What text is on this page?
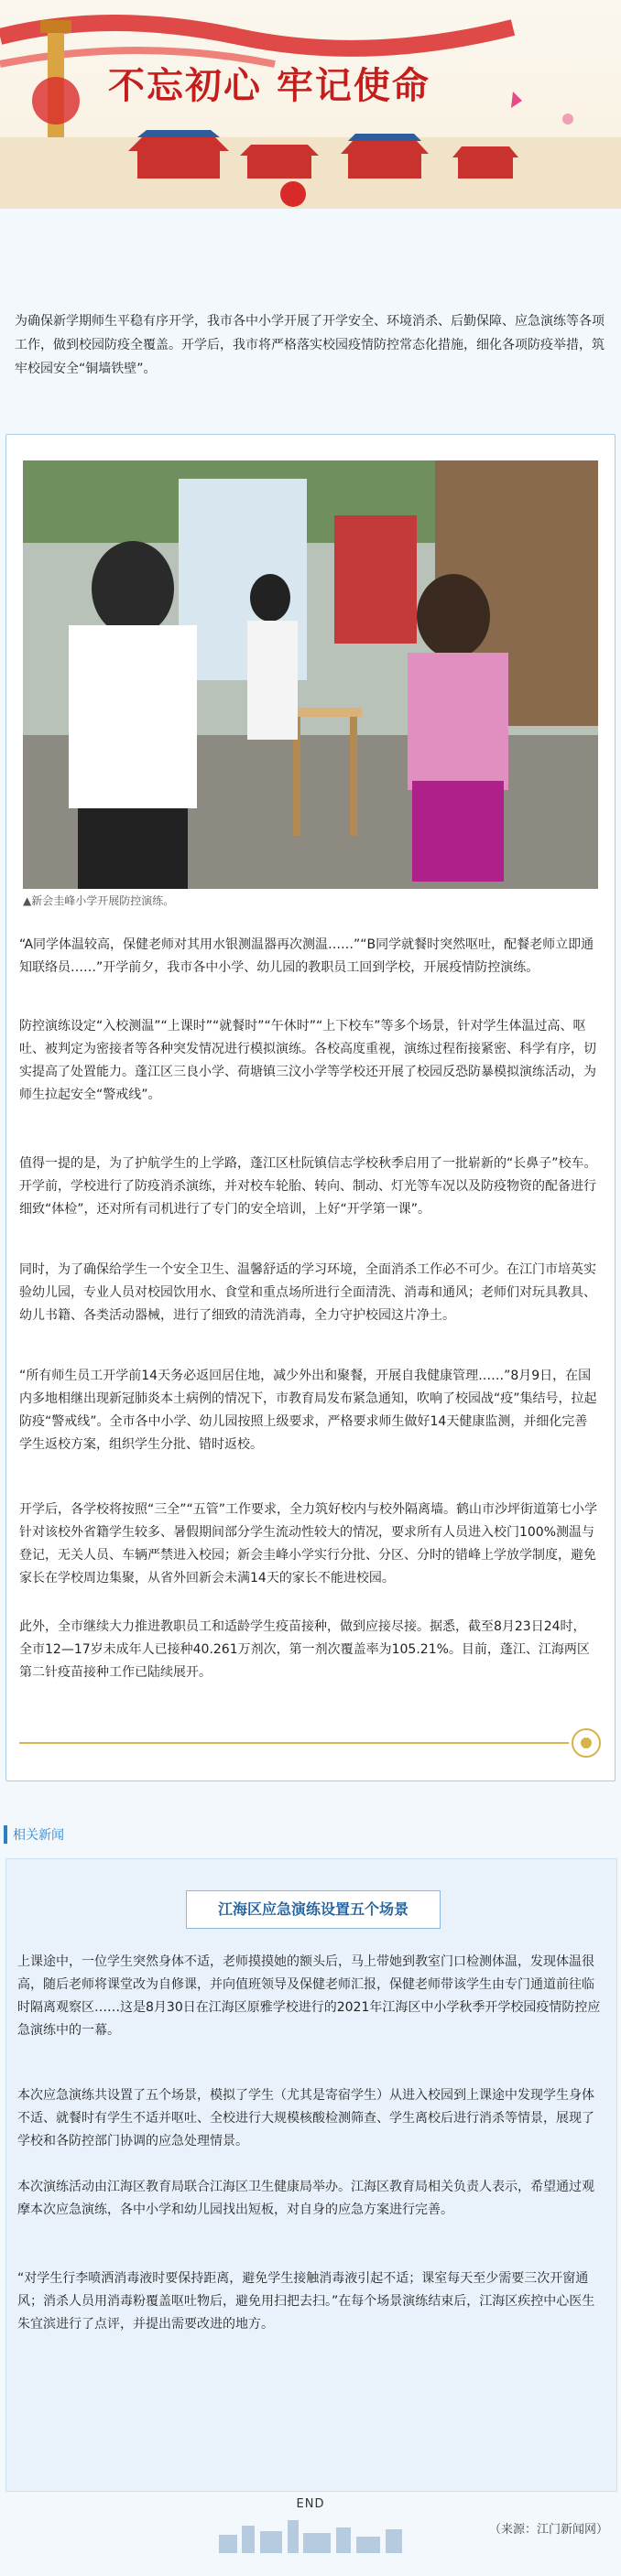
不忘初心 牢记使命
为确保新学期师生平稳有序开学，我市各中小学开展了开学安全、环境消杀、后勤保障、应急演练等各项工作，做到校园防疫全覆盖。开学后，我市将严格落实校园疫情防控常态化措施，细化各项防疫举措，筑牢校园安全“铜墙铁壁”。
▲新会圭峰小学开展防控演练。

“A同学体温较高，保健老师对其用水银测温器再次测温……”“B同学就餐时突然呕吐，配餐老师立即通知联络员……”开学前夕，我市各中小学、幼儿园的教职员工回到学校，开展疫情防控演练。

防控演练设定“入校测温”“上课时”“就餐时”“午休时”“上下校车”等多个场景，针对学生体温过高、呕吐、被判定为密接者等各种突发情况进行模拟演练。各校高度重视，演练过程衔接紧密、科学有序，切实提高了处置能力。蓬江区三良小学、荷塘镇三汶小学等学校还开展了校园反恐防暴模拟演练活动，为师生拉起安全“警戒线”。

值得一提的是，为了护航学生的上学路，蓬江区杜阮镇信志学校秋季启用了一批崭新的“长鼻子”校车。开学前，学校进行了防疫消杀演练，并对校车轮胎、转向、制动、灯光等车况以及防疫物资的配备进行细致“体检”，还对所有司机进行了专门的安全培训，上好“开学第一课”。

同时，为了确保给学生一个安全卫生、温馨舒适的学习环境，全面消杀工作必不可少。在江门市培英实验幼儿园，专业人员对校园饮用水、食堂和重点场所进行全面清洗、消毒和通风；老师们对玩具教具、幼儿书籍、各类活动器械，进行了细致的清洗消毒，全力守护校园这片净土。

“所有师生员工开学前14天务必返回居住地，减少外出和聚餐，开展自我健康管理……”8月9日，在国内多地相继出现新冠肺炎本土病例的情况下，市教育局发布紧急通知，吹响了校园战“疫”集结号，拉起防疫“警戒线”。全市各中小学、幼儿园按照上级要求，严格要求师生做好14天健康监测，并细化完善学生返校方案，组织学生分批、错时返校。

开学后，各学校将按照“三全”“五管”工作要求，全力筑好校内与校外隔离墙。鹤山市沙坪街道第七小学针对该校外省籍学生较多、暑假期间部分学生流动性较大的情况，要求所有人员进入校门100%测温与登记，无关人员、车辆严禁进入校园；新会圭峰小学实行分批、分区、分时的错峰上学放学制度，避免家长在学校周边集聚，从省外回新会未满14天的家长不能进校园。

此外，全市继续大力推进教职员工和适龄学生疫苗接种，做到应接尽接。据悉，截至8月23日24时，全市12—17岁未成年人已接种40.261万剂次，第一剂次覆盖率为105.21%。目前，蓬江、江海两区第二针疫苗接种工作已陆续展开。

相关新闻
江海区应急演练设置五个场景

上课途中，一位学生突然身体不适，老师摸摸她的额头后，马上带她到教室门口检测体温，发现体温很高，随后老师将课堂改为自修课，并向值班领导及保健老师汇报，保健老师带该学生由专门通道前往临时隔离观察区……这是8月30日在江海区原雅学校进行的2021年江海区中小学秋季开学校园疫情防控应急演练中的一幕。

本次应急演练共设置了五个场景，模拟了学生（尤其是寄宿学生）从进入校园到上课途中发现学生身体不适、就餐时有学生不适并呕吐、全校进行大规模核酸检测筛查、学生离校后进行消杀等情景，展现了学校和各防控部门协调的应急处理情景。

本次演练活动由江海区教育局联合江海区卫生健康局举办。江海区教育局相关负责人表示，希望通过观摩本次应急演练，各中小学和幼儿园找出短板，对自身的应急方案进行完善。

“对学生行李喷洒消毒液时要保持距离，避免学生接触消毒液引起不适；课室每天至少需要三次开窗通风；消杀人员用消毒粉覆盖呕吐物后，避免用扫把去扫。”在每个场景演练结束后，江海区疾控中心医生朱宜滨进行了点评，并提出需要改进的地方。

（来源：江门新闻网）
END
